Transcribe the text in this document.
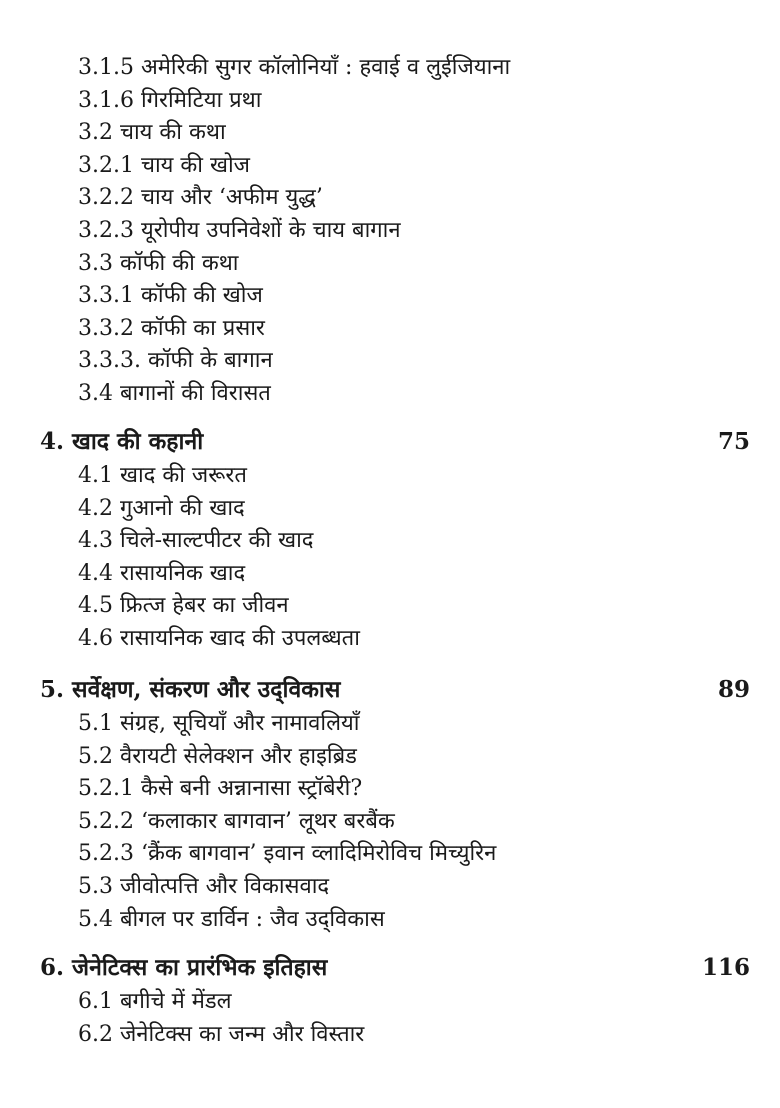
3.1.5 अमेरिकी सुगर कॉलोनियाँ : हवाई व लुईजियाना
3.1.6 गिरमिटिया प्रथा
3.2 चाय की कथा
3.2.1 चाय की खोज
3.2.2 चाय और ‘अफीम युद्ध’
3.2.3 यूरोपीय उपनिवेशों के चाय बागान
3.3 कॉफी की कथा
3.3.1 कॉफी की खोज
3.3.2 कॉफी का प्रसार
3.3.3. कॉफी के बागान
3.4 बागानों की विरासत
4. खाद की कहानी	75
4.1 खाद की जरूरत
4.2 गुआनो की खाद
4.3 चिले-साल्टपीटर की खाद
4.4 रासायनिक खाद
4.5 फ्रित्ज हेबर का जीवन
4.6 रासायनिक खाद की उपलब्धता
5. सर्वेक्षण, संकरण और उद्‌विकास	89
5.1 संग्रह, सूचियाँ और नामावलियाँ
5.2 वैरायटी सेलेक्शन और हाइब्रिड
5.2.1 कैसे बनी अन्नानासा स्ट्रॉबेरी?
5.2.2 ‘कलाकार बागवान’ लूथर बरबैंक
5.2.3 ‘क्रैंक बागवान’ इवान व्लादिमिरोविच मिच्युरिन
5.3 जीवोत्पत्ति और विकासवाद
5.4 बीगल पर डार्विन : जैव उद्‌विकास
6. जेनेटिक्स का प्रारंभिक इतिहास	116
6.1 बगीचे में मेंडल
6.2 जेनेटिक्स का जन्म और विस्तार
